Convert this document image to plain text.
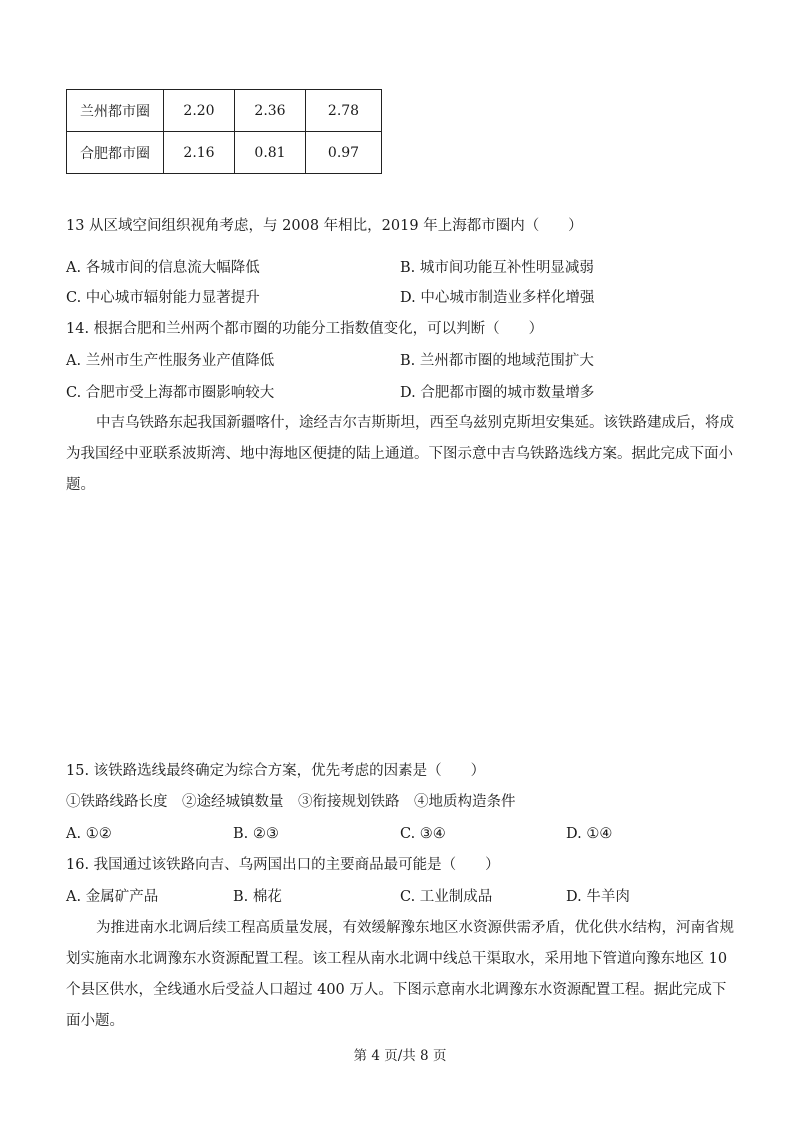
兰州都市圈	2.20	2.36	2.78
合肥都市圈	2.16	0.81	0.97
13 从区域空间组织视角考虑，与 2008 年相比，2019 年上海都市圈内（　　）
A. 各城市间的信息流大幅降低	B. 城市间功能互补性明显减弱
C. 中心城市辐射能力显著提升	D. 中心城市制造业多样化增强
14. 根据合肥和兰州两个都市圈的功能分工指数值变化，可以判断（　　）
A. 兰州市生产性服务业产值降低	B. 兰州都市圈的地域范围扩大
C. 合肥市受上海都市圈影响较大	D. 合肥都市圈的城市数量增多
中吉乌铁路东起我国新疆喀什，途经吉尔吉斯斯坦，西至乌兹别克斯坦安集延。该铁路建成后，将成为我国经中亚联系波斯湾、地中海地区便捷的陆上通道。下图示意中吉乌铁路选线方案。据此完成下面小题。
15. 该铁路选线最终确定为综合方案，优先考虑的因素是（　　）
①铁路线路长度　②途经城镇数量　③衔接规划铁路　④地质构造条件
A. ①②	B. ②③	C. ③④	D. ①④
16. 我国通过该铁路向吉、乌两国出口的主要商品最可能是（　　）
A. 金属矿产品	B. 棉花	C. 工业制成品	D. 牛羊肉
为推进南水北调后续工程高质量发展，有效缓解豫东地区水资源供需矛盾，优化供水结构，河南省规划实施南水北调豫东水资源配置工程。该工程从南水北调中线总干渠取水，采用地下管道向豫东地区 10 个县区供水，全线通水后受益人口超过 400 万人。下图示意南水北调豫东水资源配置工程。据此完成下面小题。
第 4 页/共 8 页
